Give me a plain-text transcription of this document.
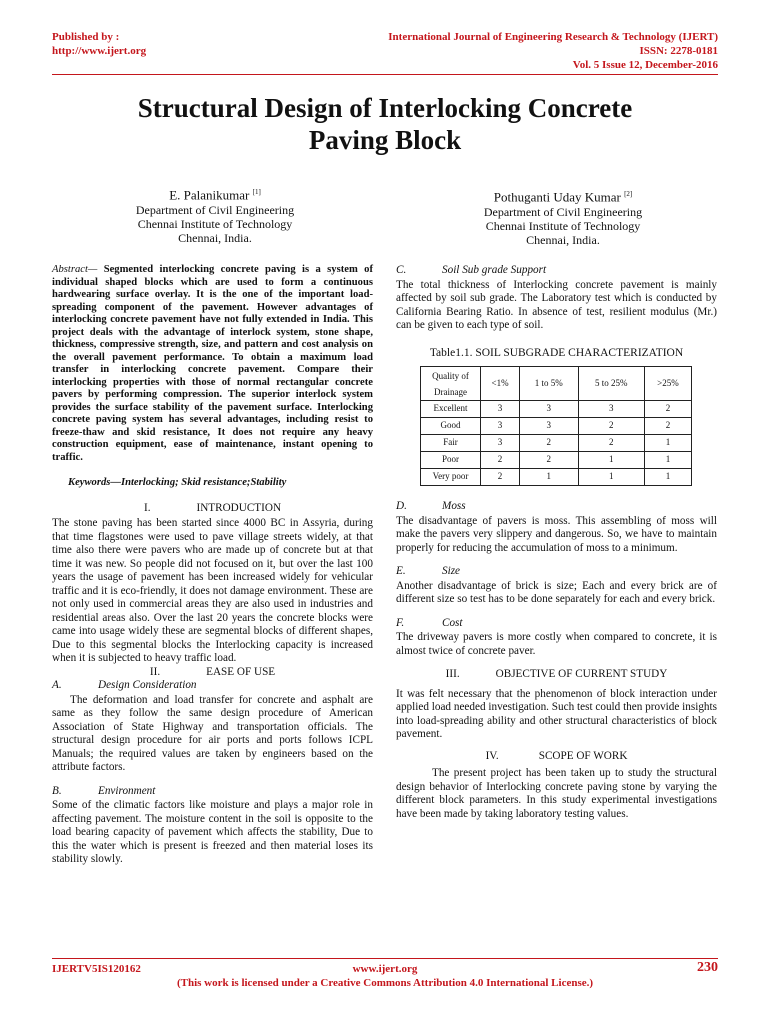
Published by :
http://www.ijert.org
International Journal of Engineering Research & Technology (IJERT)
ISSN: 2278-0181
Vol. 5 Issue 12, December-2016
Structural Design of Interlocking Concrete
Paving Block
E. Palanikumar [1]
Department of Civil Engineering
Chennai Institute of Technology
Chennai, India.
Pothuganti Uday Kumar [2]
Department of Civil Engineering
Chennai Institute of Technology
Chennai, India.

Abstract— Segmented interlocking concrete paving is a system of individual shaped blocks which are used to form a continuous hardwearing surface overlay. It is the one of the important load-spreading component of the pavement. However advantages of interlocking concrete pavement have not fully extended in India. This project deals with the advantage of interlock system, stone shape, thickness, compressive strength, size, and pattern and cost analysis on the overall pavement performance. To obtain a maximum load transfer in interlocking concrete pavement. Compare their interlocking properties with those of normal rectangular concrete pavers by performing compression. The superior interlock system provides the surface stability of the pavement surface. Interlocking concrete paving system has several advantages, including resist to freeze-thaw and skid resistance, It does not require any heavy construction equipment, ease of maintenance, instant opening to traffic.

Keywords—Interlocking; Skid resistance;Stability
I.	INTRODUCTION

The stone paving has been started since 4000 BC in Assyria, during that time flagstones were used to pave village streets widely, at that time also there were pavers who are made up of concrete but at that time it was new. So people did not focused on it, but over the last 100 years the usage of pavement has been increased widely for vehicular traffic and it is eco-friendly, it does not damage environment. These are not only used in commercial areas they are also used in industries and residential areas also. Over the last 20 years the concrete blocks were came into usage widely these are segmental blocks of different shapes, Due to this segmental blocks the Interlocking capacity is increased when it is subjected to heavy traffic load.

II.	EASE OF USE
A.	Design Consideration

The deformation and load transfer for concrete and asphalt are same as they follow the same design procedure of American Association of State Highway and transportation officials. The structural design procedure for air ports and ports follows ICPL Manuals; the required values are taken by engineers based on the attribute factors.

B.	Environment

Some of the climatic factors like moisture and plays a major role in affecting pavement. The moisture content in the soil is opposite to the load bearing capacity of pavement which affects the stability, Due to this the water which is present is freezed and then material loses its stability slowly.

C.	Soil Sub grade Support

The total thickness of Interlocking concrete pavement is mainly affected by soil sub grade. The Laboratory test which is conducted by California Bearing Ratio. In absence of test, resilient modulus (Mr.) can be given to each type of soil.

Table1.1. SOIL SUBGRADE CHARACTERIZATION
Quality of Drainage	<1%	1 to 5%	5 to 25%	>25%
Excellent	3	3	3	2
Good	3	3	2	2
Fair	3	2	2	1
Poor	2	2	1	1
Very poor	2	1	1	1
D.	Moss

The disadvantage of pavers is moss. This assembling of moss will make the pavers very slippery and dangerous. So, we have to maintain properly for reducing the accumulation of moss to a minimum.

E.	Size

Another disadvantage of brick is size; Each and every brick are of different size so test has to be done separately for each and every brick.

F.	Cost

The driveway pavers is more costly when compared to concrete, it is almost twice of concrete paver.

III.	OBJECTIVE OF CURRENT STUDY

It was felt necessary that the phenomenon of block interaction under applied load needed investigation. Such test could then provide insights into load-spreading ability and other structural characteristics of block pavement.

IV.	SCOPE OF WORK

The present project has been taken up to study the structural design behavior of Interlocking concrete paving stone by varying the different block parameters. In this study experimental investigations have been made by taking laboratory testing values.

IJERTV5IS120162	www.ijert.org	230
(This work is licensed under a Creative Commons Attribution 4.0 International License.)
